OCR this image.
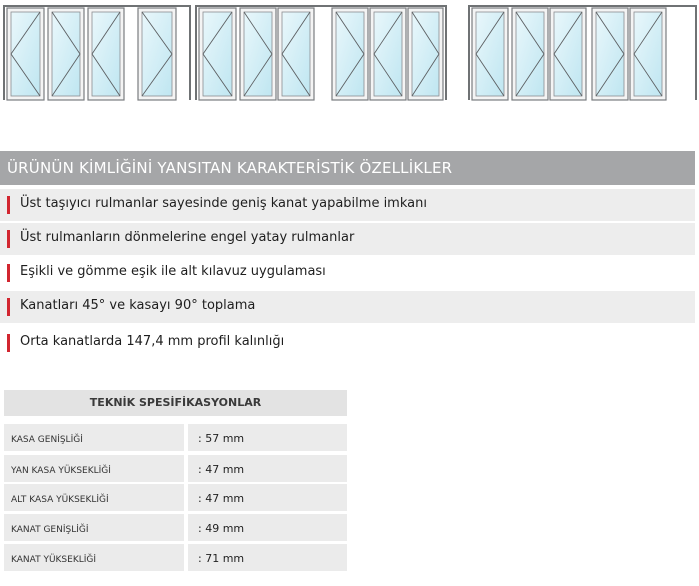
ÜRÜNÜN KİMLİĞİNİ YANSITAN KARAKTERİSTİK ÖZELLİKLER
Üst taşıyıcı rulmanlar sayesinde geniş kanat yapabilme imkanı
Üst rulmanların dönmelerine engel yatay rulmanlar
Eşikli ve gömme eşik ile alt kılavuz uygulaması
Kanatları 45° ve kasayı 90° toplama
Orta kanatlarda 147,4 mm profil kalınlığı
TEKNİK SPESİFİKASYONLAR
KASA GENİŞLİĞİ	: 57 mm
YAN KASA YÜKSEKLİĞİ	: 47 mm
ALT KASA YÜKSEKLİĞİ	: 47 mm
KANAT GENİŞLİĞİ	: 49 mm
KANAT YÜKSEKLİĞİ	: 71 mm
